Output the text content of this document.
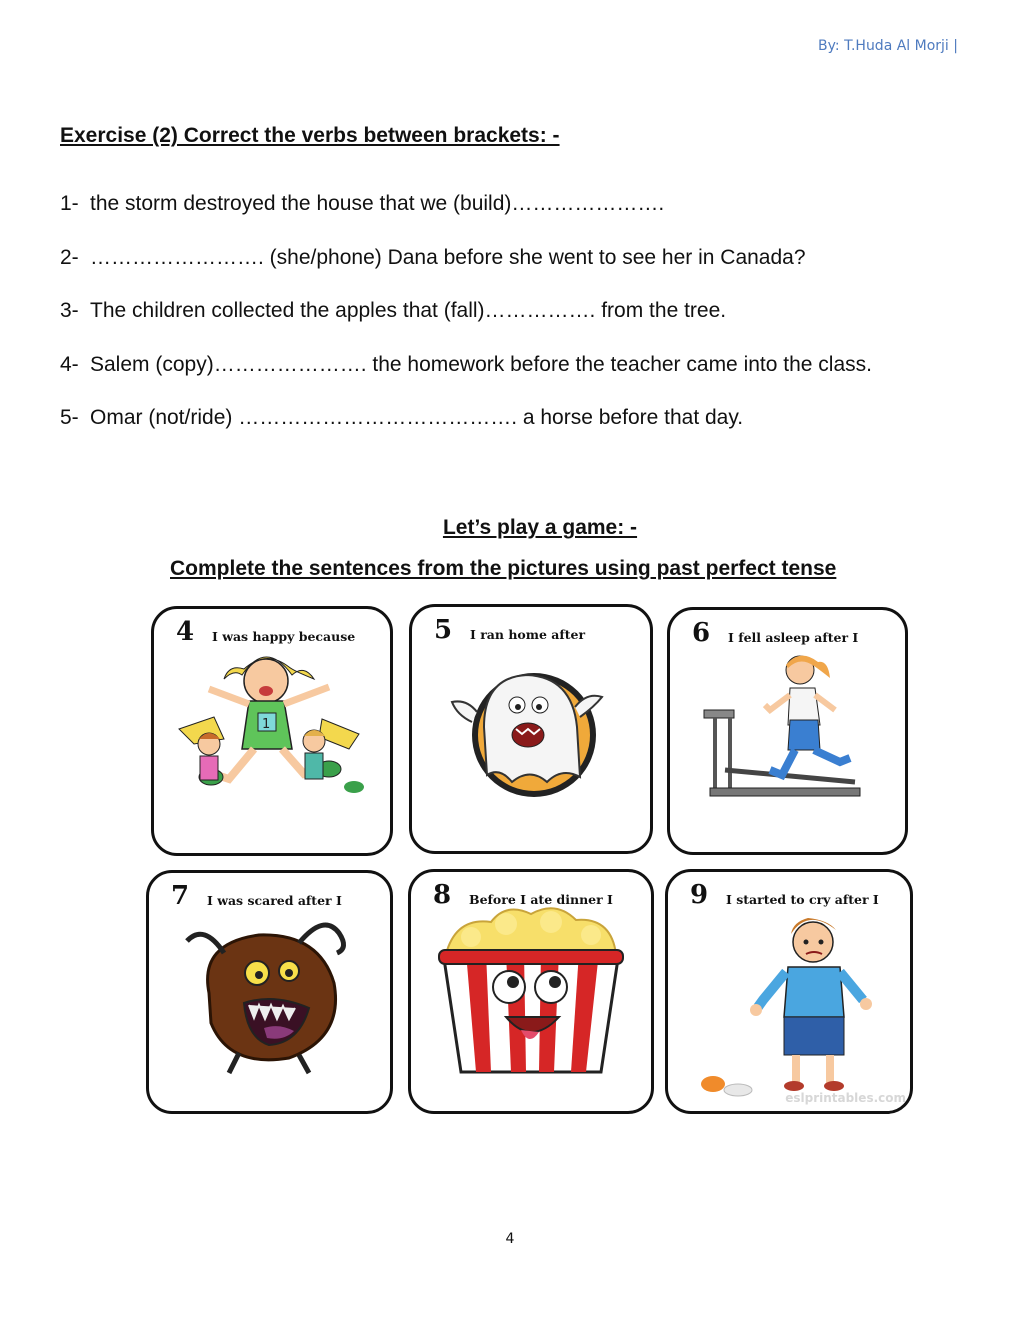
By: T.Huda Al Morji |
Exercise (2) Correct the verbs between brackets: -
1- the storm destroyed the house that we (build)………………….
2- ……………………. (she/phone) Dana before she went to see her in Canada?
3- The children collected the apples that (fall)……………. from the tree.
4- Salem (copy)…………………. the homework before the teacher came into the class.
5- Omar (not/ride) …………………………………. a horse before that day.
Let’s play a game: -
Complete the sentences from the pictures using past perfect tense
4 I was happy because
1
5 I ran home after	6 I fell asleep after I
7 I was scared after I	8 Before I ate dinner I	9 I started to cry after I
eslprintables.com
4
